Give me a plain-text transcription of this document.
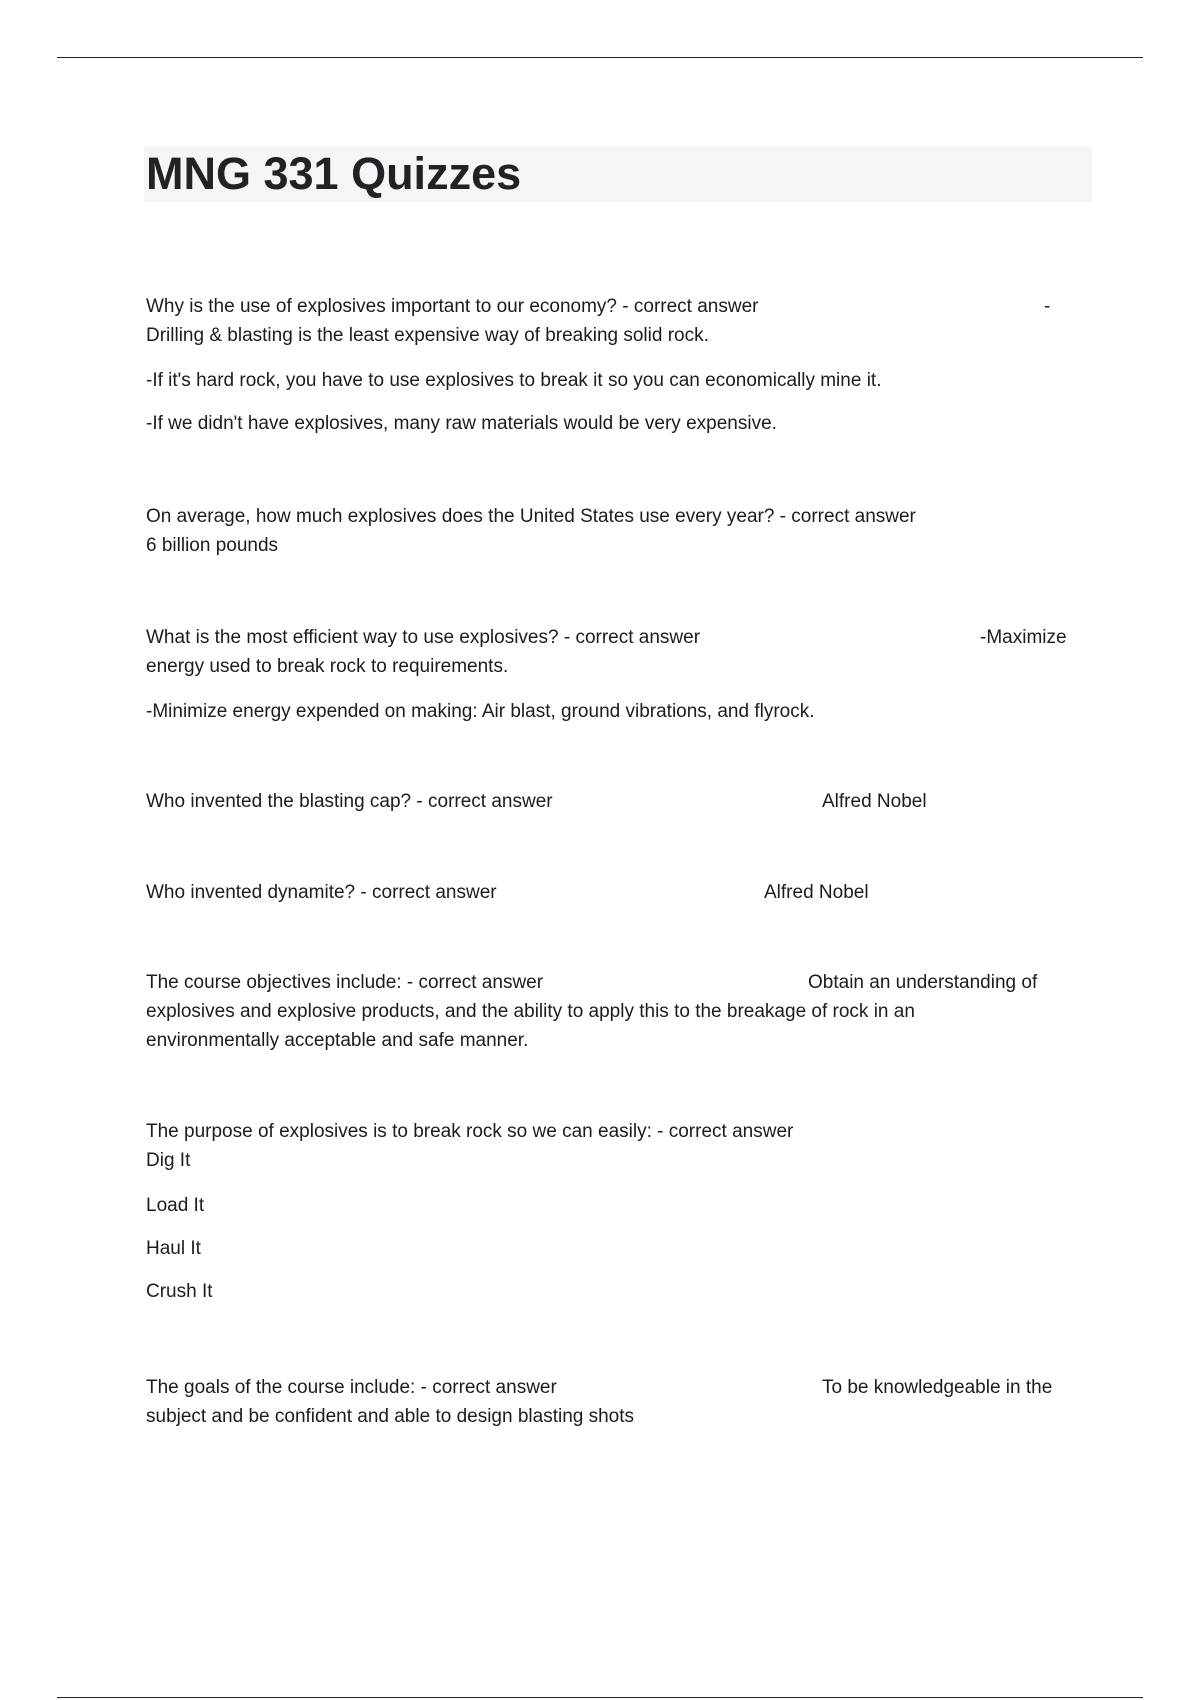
MNG 331 Quizzes
Why is the use of explosives important to our economy? - correct answer	-
Drilling & blasting is the least expensive way of breaking solid rock.
-If it's hard rock, you have to use explosives to break it so you can economically mine it.
-If we didn't have explosives, many raw materials would be very expensive.
On average, how much explosives does the United States use every year? - correct answer
6 billion pounds
What is the most efficient way to use explosives? - correct answer	-Maximize
energy used to break rock to requirements.
-Minimize energy expended on making: Air blast, ground vibrations, and flyrock.
Who invented the blasting cap? - correct answer	Alfred Nobel
Who invented dynamite? - correct answer	Alfred Nobel
The course objectives include: - correct answer	Obtain an understanding of
explosives and explosive products, and the ability to apply this to the breakage of rock in an
environmentally acceptable and safe manner.
The purpose of explosives is to break rock so we can easily: - correct answer
Dig It
Load It
Haul It
Crush It
The goals of the course include: - correct answer	To be knowledgeable in the
subject and be confident and able to design blasting shots
